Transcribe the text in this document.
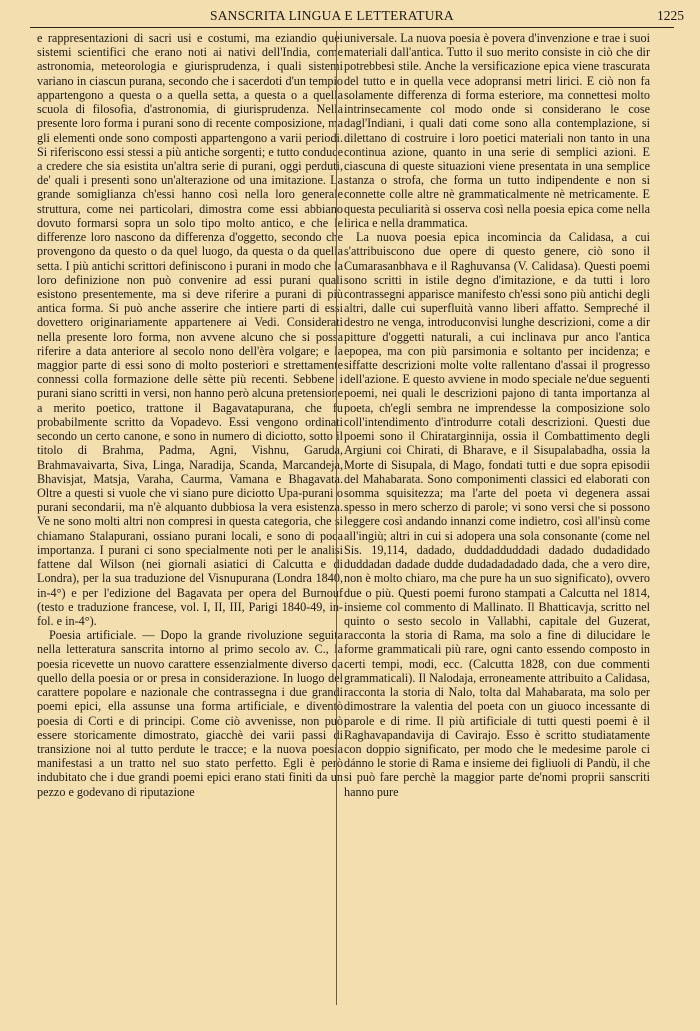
SANSCRITA LINGUA E LETTERATURA	1225

e rappresentazioni di sacri usi e costumi, ma eziandio quei sistemi scientifici che erano noti ai nativi dell'India, come astronomia, meteorologia e giurisprudenza, i quali sistemi variano in ciascun purana, secondo che i sacerdoti d'un tempio appartengono a questa o a quella setta, a questa o a quella scuola di filosofia, d'astronomia, di giurisprudenza. Nella presente loro forma i purani sono di recente composizione, ma gli elementi onde sono composti appartengono a varii periodi. Si riferiscono essi stessi a più antiche sorgenti; e tutto conduce a credere che sia esistita un'altra serie di purani, oggi perduti, de' quali i presenti sono un'alterazione od una imitazione. La grande somiglianza ch'essi hanno così nella loro generale struttura, come nei particolari, dimostra come essi abbiano dovuto formarsi sopra un solo tipo molto antico, e che le differenze loro nascono da differenza d'oggetto, secondo che provengono da questo o da quel luogo, da questa o da quella setta. I più antichi scrittori definiscono i purani in modo che la loro definizione non può convenire ad essi purani quali esistono presentemente, ma si deve riferire a purani di più antica forma. Si può anche asserire che intiere parti di essi dovettero originariamente appartenere ai Vedi. Considerati nella presente loro forma, non avvene alcuno che si possa riferire a data anteriore al secolo nono dell'èra volgare; e la maggior parte di essi sono di molto posteriori e strettamente connessi colla formazione delle sètte più recenti. Sebbene i purani siano scritti in versi, non hanno però alcuna pretensione a merito poetico, trattone il Bagavatapurana, che fu probabilmente scritto da Vopadevo. Essi vengono ordinati secondo un certo canone, e sono in numero di diciotto, sotto il titolo di Brahma, Padma, Agni, Vishnu, Garuda, Brahmavaivarta, Siva, Linga, Naradija, Scanda, Marcandeja, Bhavisjat, Matsja, Varaha, Caurma, Vamana e Bhagavata. Oltre a questi si vuole che vi siano pure diciotto Upa-purani o purani secondarii, ma n'è alquanto dubbiosa la vera esistenza. Ve ne sono molti altri non compresi in questa categoria, che si chiamano Stalapurani, ossiano purani locali, e sono di poca importanza. I purani ci sono specialmente noti per le analisi fattene dal Wilson (nei giornali asiatici di Calcutta e di Londra), per la sua traduzione del Visnupurana (Londra 1840, in-4°) e per l'edizione del Bagavata per opera del Burnouf (testo e traduzione francese, vol. I, II, III, Parigi 1840-49, in-fol. e in-4°).

Poesia artificiale. — Dopo la grande rivoluzione seguita nella letteratura sanscrita intorno al primo secolo av. C., la poesia ricevette un nuovo carattere essenzialmente diverso da quello della poesia or or presa in considerazione. In luogo del carattere popolare e nazionale che contrassegna i due grandi poemi epici, ella assunse una forma artificiale, e diventò poesia di Corti e di principi. Come ciò avvenisse, non può essere storicamente dimostrato, giacchè dei varii passi di transizione noi al tutto perdute le tracce; e la nuova poesia manifestasi a un tratto nel suo stato perfetto. Egli è però indubitato che i due grandi poemi epici erano stati finiti da un pezzo e godevano di riputazione

universale. La nuova poesia è povera d'invenzione e trae i suoi materiali dall'antica. Tutto il suo merito consiste in ciò che dir potrebbesi stile. Anche la versificazione epica viene trascurata del tutto e in quella vece adopransi metri lirici. E ciò non fa solamente differenza di forma esteriore, ma connettesi molto intrinsecamente col modo onde si considerano le cose dagl'Indiani, i quali dati come sono alla contemplazione, si dilettano di costruire i loro poetici materiali non tanto in una continua azione, quanto in una serie di semplici azioni. E ciascuna di queste situazioni viene presentata in una semplice stanza o strofa, che forma un tutto indipendente e non si connette colle altre nè grammaticalmente nè metricamente. E questa peculiarità si osserva così nella poesia epica come nella lirica e nella drammatica.

La nuova poesia epica incomincia da Calidasa, a cui s'attribuiscono due opere di questo genere, ciò sono il Cumarasanbhava e il Raghuvansa (V. Calidasa). Questi poemi sono scritti in istile degno d'imitazione, e da tutti i loro contrassegni apparisce manifesto ch'essi sono più antichi degli altri, dalle cui superfluità vanno liberi affatto. Sempreché il destro ne venga, introduconvisi lunghe descrizioni, come a dir pitture d'oggetti naturali, a cui inclinava pur anco l'antica epopea, ma con più parsimonia e soltanto per incidenza; e siffatte descrizioni molte volte rallentano d'assai il progresso dell'azione. E questo avviene in modo speciale ne'due seguenti poemi, nei quali le descrizioni pajono di tanta importanza al poeta, ch'egli sembra ne imprendesse la composizione solo coll'intendimento d'introdurre cotali descrizioni. Questi due poemi sono il Chiratarginnija, ossia il Combattimento degli Argiuni coi Chirati, di Bharave, e il Sisupalabadha, ossia la Morte di Sisupala, di Mago, fondati tutti e due sopra episodii del Mahabarata. Sono componimenti classici ed elaborati con somma squisitezza; ma l'arte del poeta vi degenera assai spesso in mero scherzo di parole; vi sono versi che si possono leggere così andando innanzi come indietro, così all'insù come all'ingiù; altri in cui si adopera una sola consonante (come nel Sis. 19,114, dadado, duddadduddadi dadado dudadidado duddadan dadade dudde dudadadadado dada, che a vero dire, non è molto chiaro, ma che pure ha un suo significato), ovvero due o più. Questi poemi furono stampati a Calcutta nel 1814, insieme col commento di Mallinato. Il Bhatticavja, scritto nel quinto o sesto secolo in Vallabhi, capitale del Guzerat, racconta la storia di Rama, ma solo a fine di dilucidare le forme grammaticali più rare, ogni canto essendo composto in certi tempi, modi, ecc. (Calcutta 1828, con due commenti grammaticali). Il Nalodaja, erroneamente attribuito a Calidasa, racconta la storia di Nalo, tolta dal Mahabarata, ma solo per dimostrare la valentia del poeta con un giuoco incessante di parole e di rime. Il più artificiale di tutti questi poemi è il Raghavapandavija di Cavirajo. Esso è scritto studiatamente con doppio significato, per modo che le medesime parole ci dánno le storie di Rama e insieme dei figliuoli di Pandù, il che si può fare perchè la maggior parte de'nomi proprii sanscriti hanno pure
